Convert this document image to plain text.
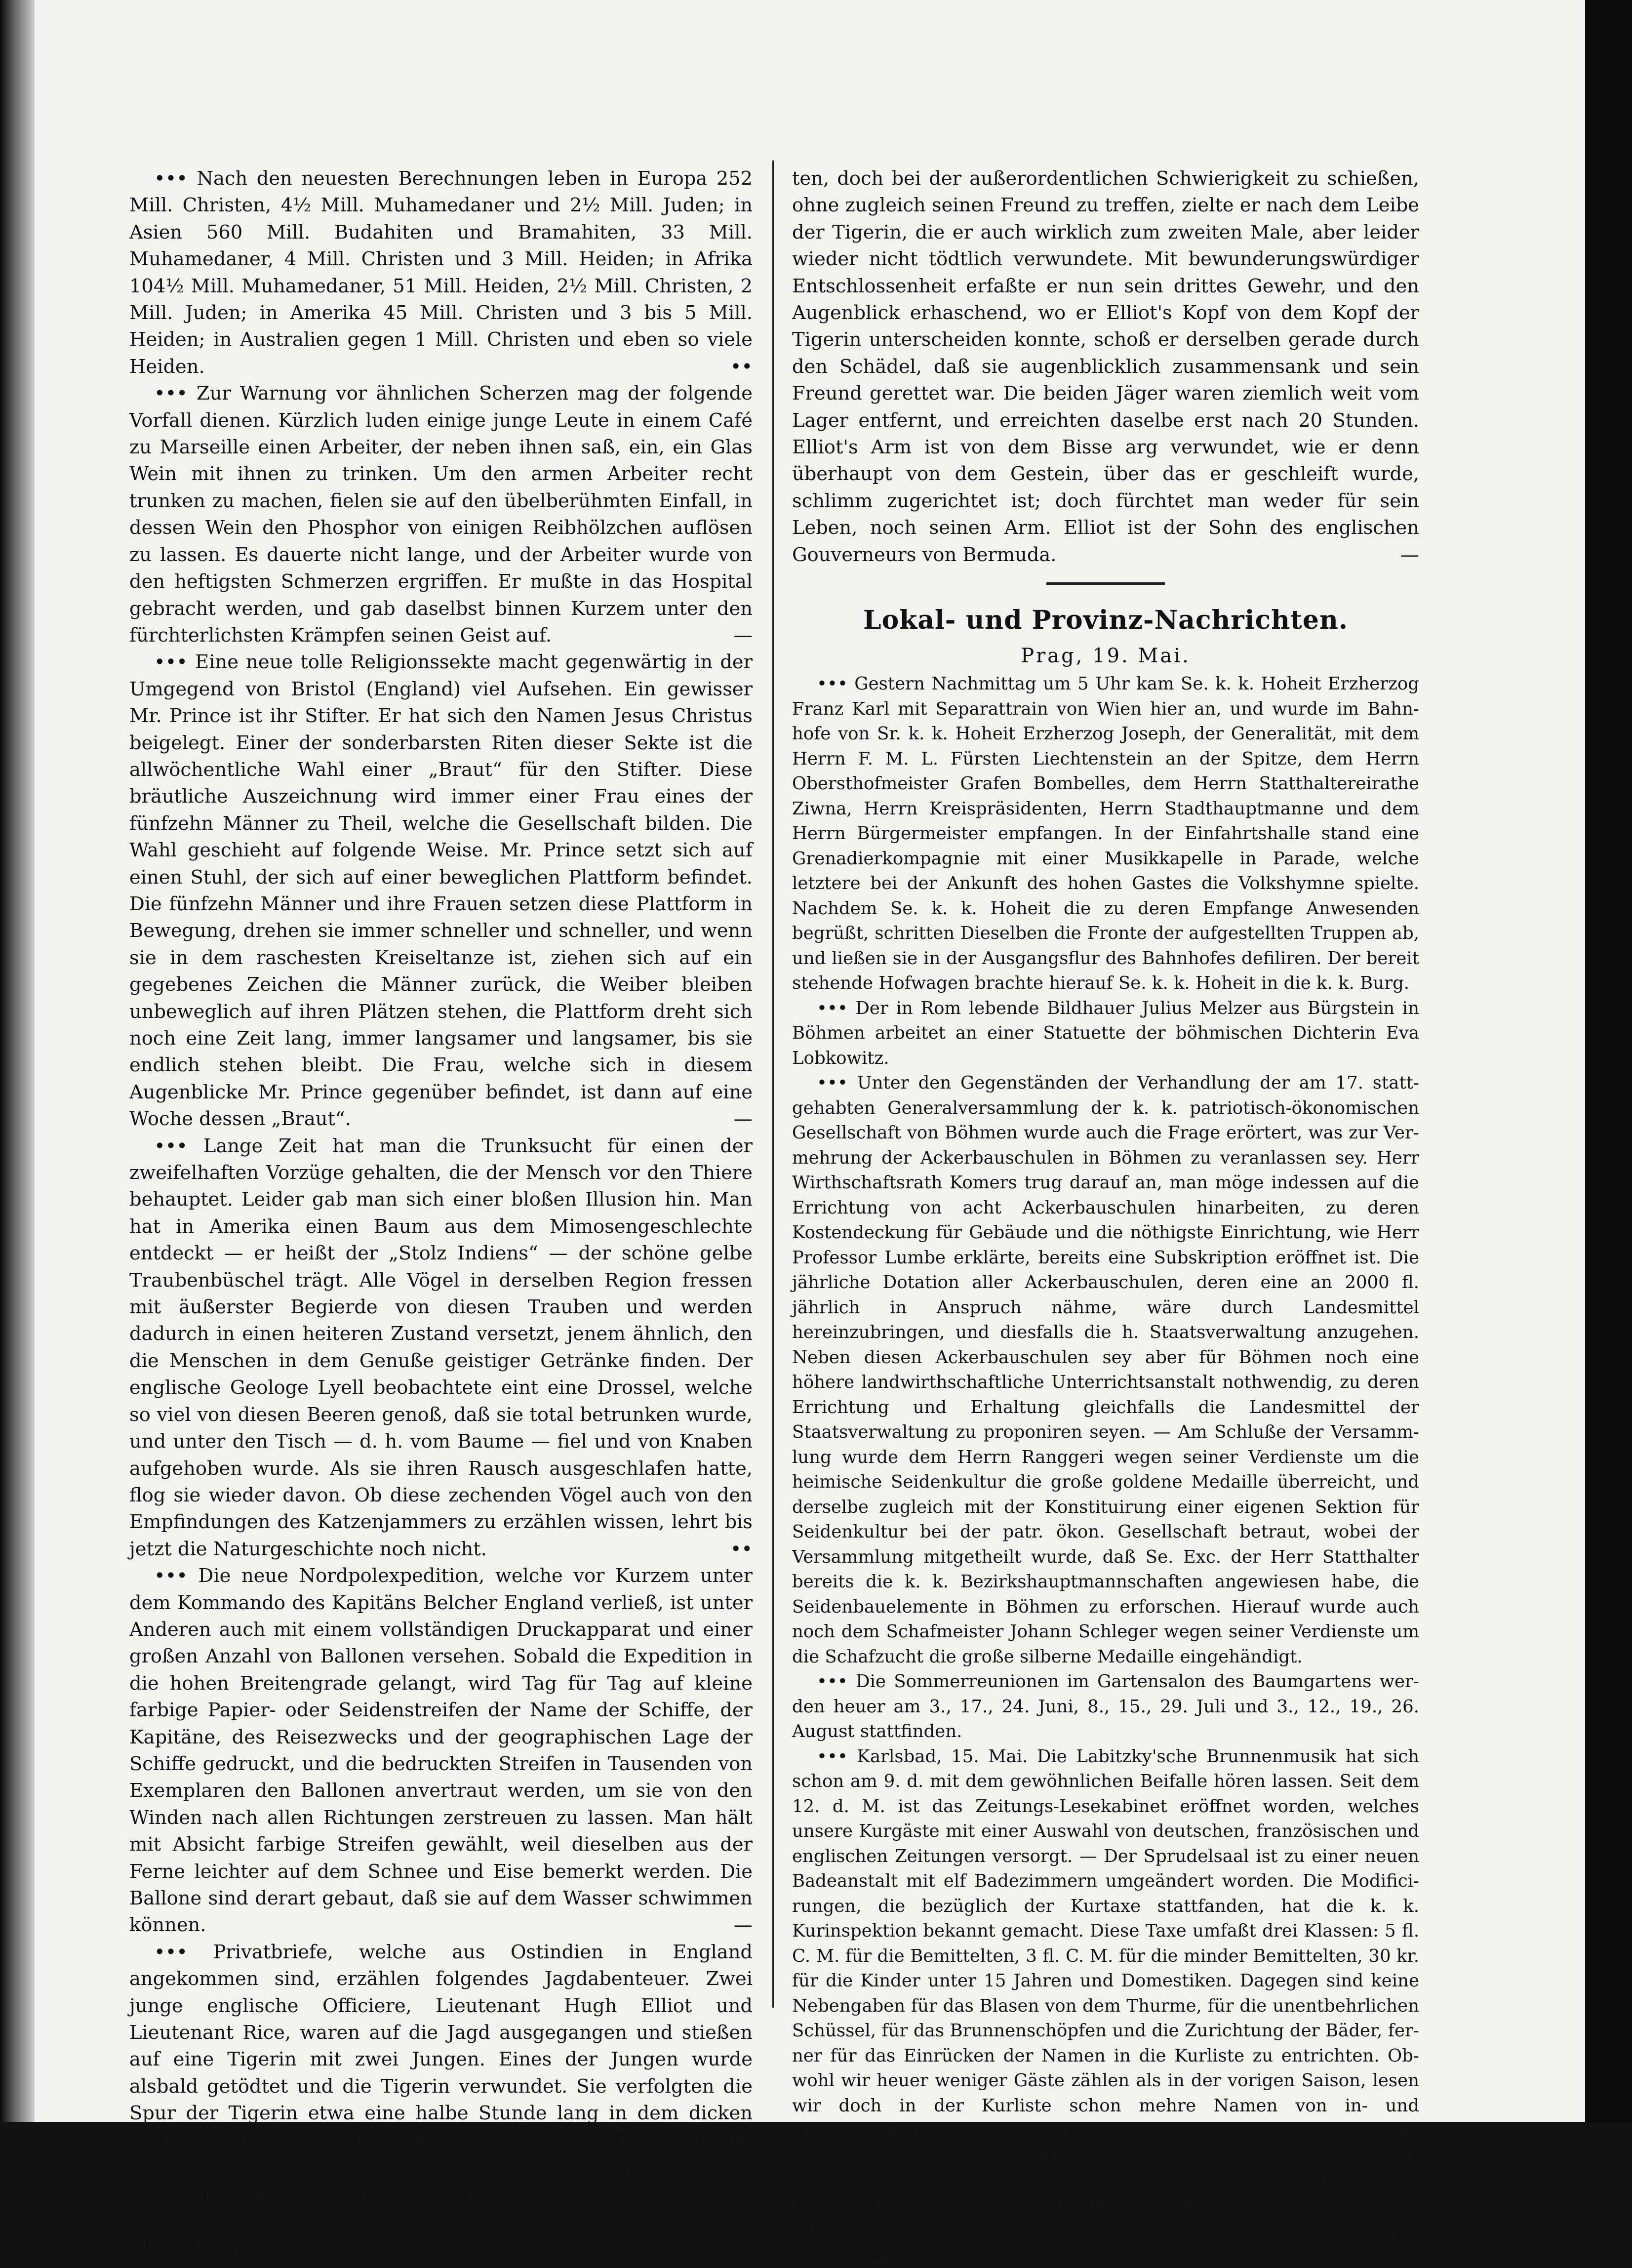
••• Nach den neuesten Berechnungen leben in Europa 252 Mill. Christen, 4½ Mill. Muhamedaner und 2½ Mill. Juden; in Asien 560 Mill. Budahiten und Bramahiten, 33 Mill. Muhamedaner, 4 Mill. Christen und 3 Mill. Heiden; in Afrika 104½ Mill. Muhamedaner, 51 Mill. Heiden, 2½ Mill. Christen, 2 Mill. Juden; in Amerika 45 Mill. Christen und 3 bis 5 Mill. Heiden; in Australien gegen 1 Mill. Christen und eben so viele Heiden.	••

••• Zur Warnung vor ähnlichen Scherzen mag der folgende Vorfall dienen. Kürzlich luden einige junge Leute in einem Café zu Marseille einen Arbeiter, der neben ihnen saß, ein, ein Glas Wein mit ihnen zu trinken. Um den armen Arbeiter recht trunken zu machen, fielen sie auf den übelberühmten Einfall, in dessen Wein den Phosphor von einigen Reibhölzchen auflösen zu lassen. Es dauerte nicht lange, und der Arbeiter wurde von den heftigsten Schmerzen ergriffen. Er mußte in das Hospital gebracht werden, und gab daselbst binnen Kurzem unter den fürchterlichsten Krämpfen seinen Geist auf.	—

••• Eine neue tolle Religionssekte macht gegenwärtig in der Umgegend von Bristol (England) viel Aufsehen. Ein gewisser Mr. Prince ist ihr Stifter. Er hat sich den Namen Jesus Christus beigelegt. Einer der sonderbarsten Riten dieser Sekte ist die allwöchentliche Wahl einer „Braut“ für den Stifter. Diese bräutliche Auszeichnung wird immer einer Frau eines der fünfzehn Männer zu Theil, welche die Gesellschaft bilden. Die Wahl geschieht auf folgende Weise. Mr. Prince setzt sich auf einen Stuhl, der sich auf einer beweglichen Plattform befindet. Die fünfzehn Männer und ihre Frauen setzen diese Plattform in Bewegung, drehen sie immer schneller und schneller, und wenn sie in dem raschesten Kreiseltanze ist, ziehen sich auf ein gegebenes Zeichen die Männer zurück, die Weiber bleiben unbeweglich auf ihren Plätzen stehen, die Plattform dreht sich noch eine Zeit lang, immer langsamer und langsamer, bis sie endlich stehen bleibt. Die Frau, welche sich in diesem Augenblicke Mr. Prince gegenüber befindet, ist dann auf eine Woche dessen „Braut“.	—

••• Lange Zeit hat man die Trunksucht für einen der zweifelhaften Vorzüge gehalten, die der Mensch vor den Thiere behauptet. Leider gab man sich einer bloßen Illusion hin. Man hat in Amerika einen Baum aus dem Mimosengeschlechte entdeckt — er heißt der „Stolz Indiens“ — der schöne gelbe Traubenbüschel trägt. Alle Vögel in derselben Region fressen mit äußerster Begierde von diesen Trauben und werden dadurch in einen heiteren Zustand versetzt, jenem ähnlich, den die Menschen in dem Genuße geistiger Getränke finden. Der englische Geologe Lyell beobachtete eint eine Drossel, welche so viel von diesen Beeren genoß, daß sie total betrunken wurde, und unter den Tisch — d. h. vom Baume — fiel und von Knaben aufgehoben wurde. Als sie ihren Rausch ausgeschlafen hatte, flog sie wieder davon. Ob diese zechenden Vögel auch von den Empfindungen des Katzenjammers zu erzählen wissen, lehrt bis jetzt die Naturgeschichte noch nicht.	••

••• Die neue Nordpolexpedition, welche vor Kurzem unter dem Kommando des Kapitäns Belcher England verließ, ist unter Anderen auch mit einem vollständigen Druckapparat und einer großen Anzahl von Ballonen versehen. Sobald die Expedition in die hohen Breitengrade gelangt, wird Tag für Tag auf kleine farbige Papier- oder Seidenstreifen der Name der Schiffe, der Kapitäne, des Reisezwecks und der geographischen Lage der Schiffe gedruckt, und die bedruckten Streifen in Tausenden von Exemplaren den Ballonen anvertraut werden, um sie von den Winden nach allen Richtungen zerstreuen zu lassen. Man hält mit Absicht farbige Streifen gewählt, weil dieselben aus der Ferne leichter auf dem Schnee und Eise bemerkt werden. Die Ballone sind derart gebaut, daß sie auf dem Wasser schwimmen können.	—

••• Privatbriefe, welche aus Ostindien in England angekommen sind, erzählen folgendes Jagdabenteuer. Zwei junge englische Officiere, Lieutenant Hugh Elliot und Lieutenant Rice, waren auf die Jagd ausgegangen und stießen auf eine Tigerin mit zwei Jungen. Eines der Jungen wurde alsbald getödtet und die Tigerin verwundet. Sie verfolgten die Spur der Tigerin etwa eine halbe Stunde lang in dem dicken Gebüsch, als dieselbe plötzlich hervorbrach, Mr. Elliot, noch ehe er Zeit hatte, den Hahn zu spannen, zu Boden warf, denselben bei seinem linken Arme faßte und mit ihm davoneilte. Der andere Jäger hatte bereits ein Gewehr abgeschossen; er griff eiligst nach dem zwei

ten, doch bei der außerordentlichen Schwierigkeit zu schießen, ohne zugleich seinen Freund zu treffen, zielte er nach dem Leibe der Tigerin, die er auch wirklich zum zweiten Male, aber leider wieder nicht tödtlich verwundete. Mit bewunderungswürdiger Entschlossenheit erfaßte er nun sein drittes Gewehr, und den Augenblick erhaschend, wo er Elliot's Kopf von dem Kopf der Tigerin unterscheiden konnte, schoß er derselben gerade durch den Schädel, daß sie augenblicklich zusammensank und sein Freund gerettet war. Die beiden Jäger waren ziemlich weit vom Lager entfernt, und erreichten daselbe erst nach 20 Stunden. Elliot's Arm ist von dem Bisse arg verwundet, wie er denn überhaupt von dem Gestein, über das er geschleift wurde, schlimm zugerichtet ist; doch fürchtet man weder für sein Leben, noch seinen Arm. Elliot ist der Sohn des englischen Gouverneurs von Bermuda.	—

Lokal- und Provinz-Nachrichten.
Prag, 19. Mai.

••• Gestern Nachmittag um 5 Uhr kam Se. k. k. Hoheit Erzherzog Franz Karl mit Separattrain von Wien hier an, und wurde im Bahnhofe von Sr. k. k. Hoheit Erzherzog Joseph, der Generalität, mit dem Herrn F. M. L. Fürsten Liechtenstein an der Spitze, dem Herrn Obersthofmeister Grafen Bombelles, dem Herrn Statthaltereirathe Ziwna, Herrn Kreispräsidenten, Herrn Stadthauptmanne und dem Herrn Bürgermeister empfangen. In der Einfahrtshalle stand eine Grenadierkompagnie mit einer Musikkapelle in Parade, welche letztere bei der Ankunft des hohen Gastes die Volkshymne spielte. Nachdem Se. k. k. Hoheit die zu deren Empfange Anwesenden begrüßt, schritten Dieselben die Fronte der aufgestellten Truppen ab, und ließen sie in der Ausgangsflur des Bahnhofes defiliren. Der bereit stehende Hofwagen brachte hierauf Se. k. k. Hoheit in die k. k. Burg.

••• Der in Rom lebende Bildhauer Julius Melzer aus Bürgstein in Böhmen arbeitet an einer Statuette der böhmischen Dichterin Eva Lobkowitz.

••• Unter den Gegenständen der Verhandlung der am 17. stattgehabten Generalversammlung der k. k. patriotisch-ökonomischen Gesellschaft von Böhmen wurde auch die Frage erörtert, was zur Vermehrung der Ackerbauschulen in Böhmen zu veranlassen sey. Herr Wirthschaftsrath Komers trug darauf an, man möge indessen auf die Errichtung von acht Ackerbauschulen hinarbeiten, zu deren Kostendeckung für Gebäude und die nöthigste Einrichtung, wie Herr Professor Lumbe erklärte, bereits eine Subskription eröffnet ist. Die jährliche Dotation aller Ackerbauschulen, deren eine an 2000 fl. jährlich in Anspruch nähme, wäre durch Landesmittel hereinzubringen, und diesfalls die h. Staatsverwaltung anzugehen. Neben diesen Ackerbauschulen sey aber für Böhmen noch eine höhere landwirthschaftliche Unterrichtsanstalt nothwendig, zu deren Errichtung und Erhaltung gleichfalls die Landesmittel der Staatsverwaltung zu proponiren seyen. — Am Schluße der Versammlung wurde dem Herrn Ranggeri wegen seiner Verdienste um die heimische Seidenkultur die große goldene Medaille überreicht, und derselbe zugleich mit der Konstituirung einer eigenen Sektion für Seidenkultur bei der patr. ökon. Gesellschaft betraut, wobei der Versammlung mitgetheilt wurde, daß Se. Exc. der Herr Statthalter bereits die k. k. Bezirkshauptmannschaften angewiesen habe, die Seidenbauelemente in Böhmen zu erforschen. Hierauf wurde auch noch dem Schafmeister Johann Schleger wegen seiner Verdienste um die Schafzucht die große silberne Medaille eingehändigt.

••• Die Sommerreunionen im Gartensalon des Baumgartens werden heuer am 3., 17., 24. Juni, 8., 15., 29. Juli und 3., 12., 19., 26. August stattfinden.

••• Karlsbad, 15. Mai. Die Labitzky'sche Brunnenmusik hat sich schon am 9. d. mit dem gewöhnlichen Beifalle hören lassen. Seit dem 12. d. M. ist das Zeitungs-Lesekabinet eröffnet worden, welches unsere Kurgäste mit einer Auswahl von deutschen, französischen und englischen Zeitungen versorgt. — Der Sprudelsaal ist zu einer neuen Badeanstalt mit elf Badezimmern umgeändert worden. Die Modificirungen, die bezüglich der Kurtaxe stattfanden, hat die k. k. Kurinspektion bekannt gemacht. Diese Taxe umfaßt drei Klassen: 5 fl. C. M. für die Bemittelten, 3 fl. C. M. für die minder Bemittelten, 30 kr. für die Kinder unter 15 Jahren und Domestiken. Dagegen sind keine Nebengaben für das Blasen von dem Thurme, für die unentbehrlichen Schüssel, für das Brunnenschöpfen und die Zurichtung der Bäder, ferner für das Einrücken der Namen in die Kurliste zu entrichten. Obwohl wir heuer weniger Gäste zählen als in der vorigen Saison, lesen wir doch in der Kurliste schon mehre Namen von in- und ausländischen hochadeligen Familien: Reventlow-Altenhof, Putbus, Esterhazy, Thurn-Taxis, Nostitz, Brühl, Lutichau; den königl. sächsischen Staatsminister a. D. Herrn Ed. von Wiederstein und den Grafen Ferd. von Nerveldt, Erbmarschall des Fürstenthumes Münster; wie auch zwei königl. bairische Feldmarschall-Lieutenants Baron von Leistner und Baron von
